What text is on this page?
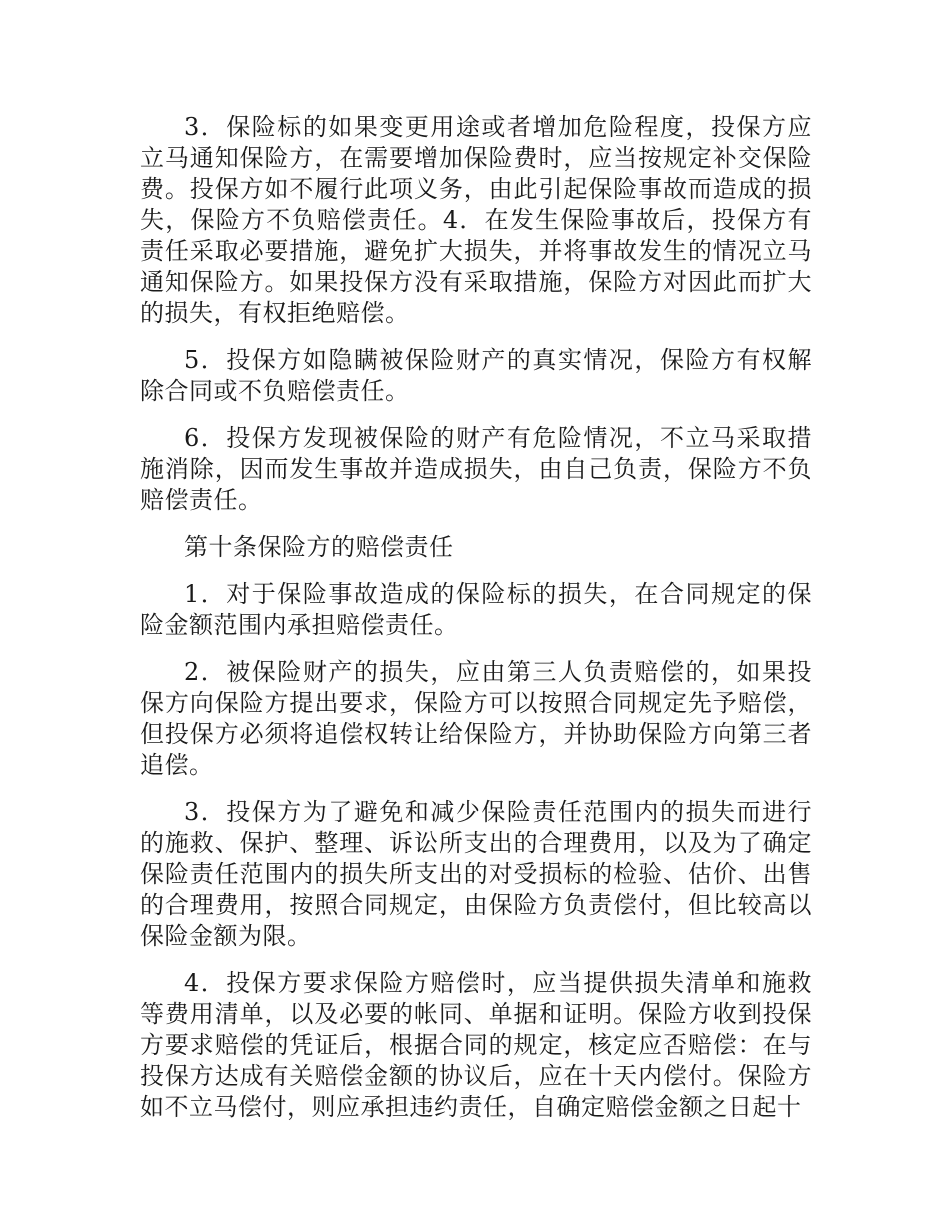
3．保险标的如果变更用途或者增加危险程度，投保方应立马通知保险方，在需要增加保险费时，应当按规定补交保险费。投保方如不履行此项义务，由此引起保险事故而造成的损失，保险方不负赔偿责任。4．在发生保险事故后，投保方有责任采取必要措施，避免扩大损失，并将事故发生的情况立马通知保险方。如果投保方没有采取措施，保险方对因此而扩大的损失，有权拒绝赔偿。

5．投保方如隐瞒被保险财产的真实情况，保险方有权解除合同或不负赔偿责任。

6．投保方发现被保险的财产有危险情况，不立马采取措施消除，因而发生事故并造成损失，由自己负责，保险方不负赔偿责任。

第十条保险方的赔偿责任

1．对于保险事故造成的保险标的损失，在合同规定的保险金额范围内承担赔偿责任。

2．被保险财产的损失，应由第三人负责赔偿的，如果投保方向保险方提出要求，保险方可以按照合同规定先予赔偿，但投保方必须将追偿权转让给保险方，并协助保险方向第三者追偿。

3．投保方为了避免和减少保险责任范围内的损失而进行的施救、保护、整理、诉讼所支出的合理费用，以及为了确定保险责任范围内的损失所支出的对受损标的检验、估价、出售的合理费用，按照合同规定，由保险方负责偿付，但比较高以保险金额为限。

4．投保方要求保险方赔偿时，应当提供损失清单和施救等费用清单，以及必要的帐同、单据和证明。保险方收到投保方要求赔偿的凭证后，根据合同的规定，核定应否赔偿：在与投保方达成有关赔偿金额的协议后，应在十天内偿付。保险方如不立马偿付，则应承担违约责任，自确定赔偿金额之日起十
